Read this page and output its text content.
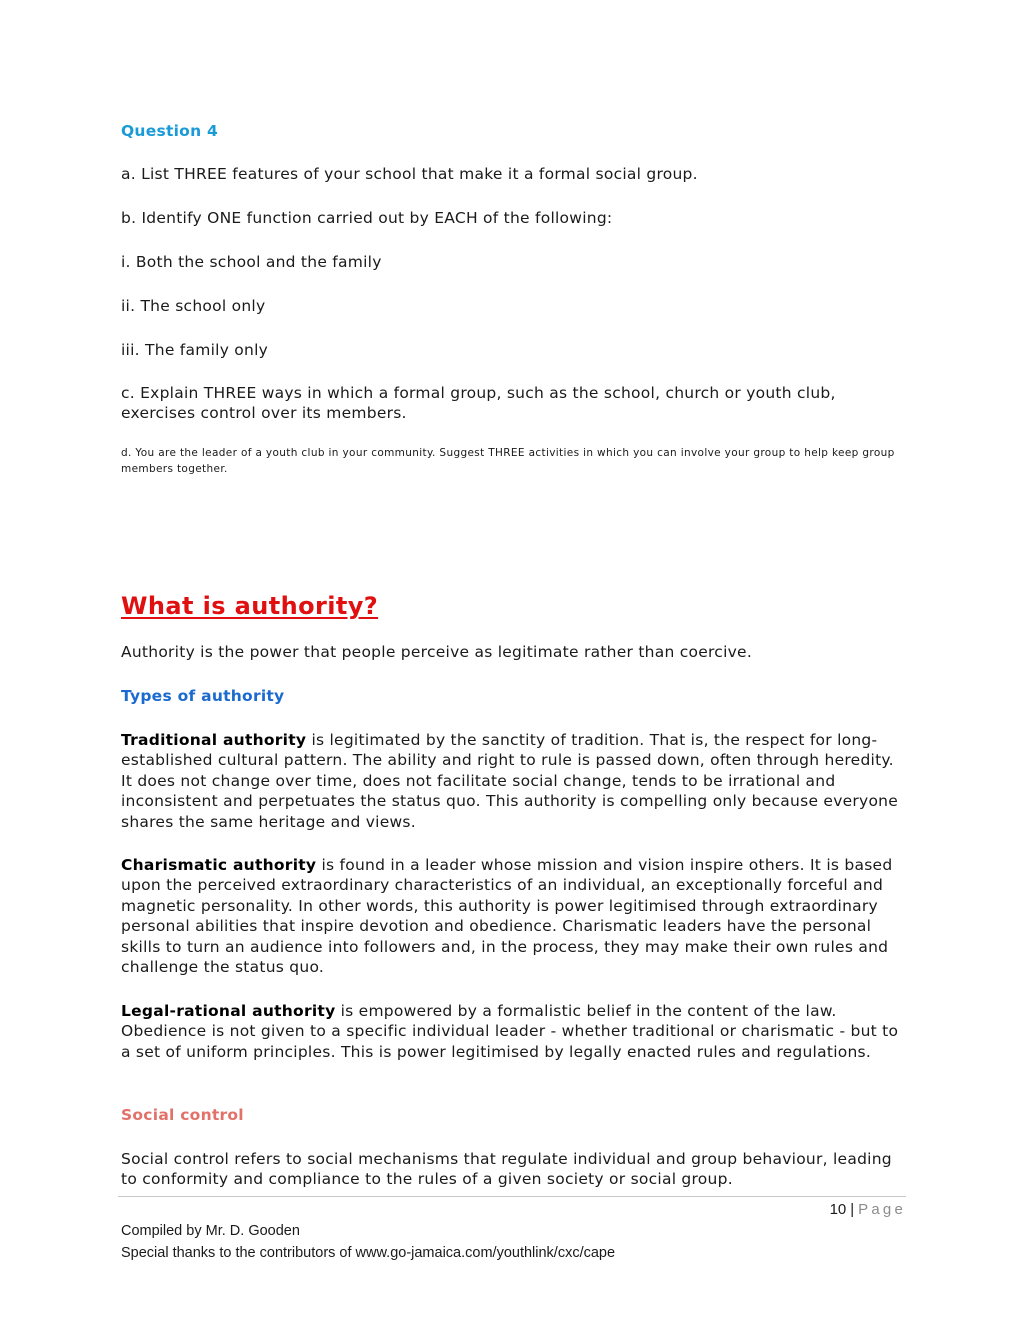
Question 4

a. List THREE features of your school that make it a formal social group.

b. Identify ONE function carried out by EACH of the following:

i. Both the school and the family

ii. The school only

iii. The family only

c. Explain THREE ways in which a formal group, such as the school, church or youth club, exercises control over its members.

d. You are the leader of a youth club in your community. Suggest THREE activities in which you can involve your group to help keep group members together.

What is authority?

Authority is the power that people perceive as legitimate rather than coercive.

Types of authority

Traditional authority is legitimated by the sanctity of tradition. That is, the respect for long-established cultural pattern. The ability and right to rule is passed down, often through heredity. It does not change over time, does not facilitate social change, tends to be irrational and inconsistent and perpetuates the status quo. This authority is compelling only because everyone shares the same heritage and views.

Charismatic authority is found in a leader whose mission and vision inspire others. It is based upon the perceived extraordinary characteristics of an individual, an exceptionally forceful and magnetic personality. In other words, this authority is power legitimised through extraordinary personal abilities that inspire devotion and obedience. Charismatic leaders have the personal skills to turn an audience into followers and, in the process, they may make their own rules and challenge the status quo.

Legal-rational authority is empowered by a formalistic belief in the content of the law. Obedience is not given to a specific individual leader - whether traditional or charismatic - but to a set of uniform principles. This is power legitimised by legally enacted rules and regulations.

Social control

Social control refers to social mechanisms that regulate individual and group behaviour, leading to conformity and compliance to the rules of a given society or social group.

10 | Page
Compiled by Mr. D. Gooden
Special thanks to the contributors of www.go-jamaica.com/youthlink/cxc/cape
